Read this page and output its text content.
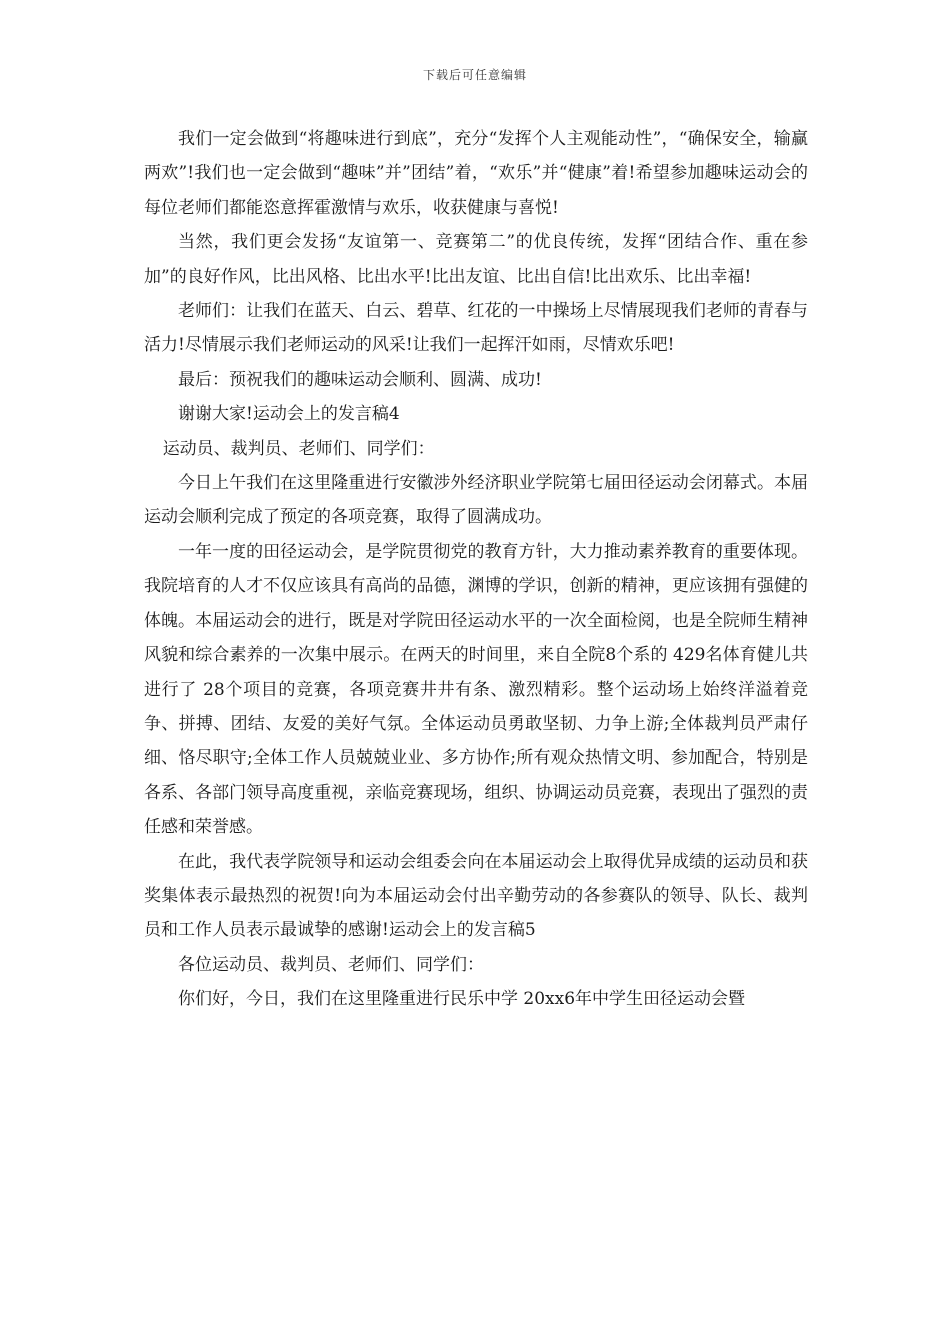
下载后可任意编辑

我们一定会做到“将趣味进行到底”，充分“发挥个人主观能动性”，“确保安全，输赢两欢”!我们也一定会做到“趣味”并”团结”着，“欢乐”并“健康”着!希望参加趣味运动会的每位老师们都能恣意挥霍激情与欢乐，收获健康与喜悦!

当然，我们更会发扬“友谊第一、竞赛第二”的优良传统，发挥“团结合作、重在参加”的良好作风，比出风格、比出水平!比出友谊、比出自信!比出欢乐、比出幸福!

老师们：让我们在蓝天、白云、碧草、红花的一中操场上尽情展现我们老师的青春与活力!尽情展示我们老师运动的风采!让我们一起挥汗如雨，尽情欢乐吧!

最后：预祝我们的趣味运动会顺利、圆满、成功!

谢谢大家!运动会上的发言稿4

运动员、裁判员、老师们、同学们：

今日上午我们在这里隆重进行安徽涉外经济职业学院第七届田径运动会闭幕式。本届运动会顺利完成了预定的各项竞赛，取得了圆满成功。

一年一度的田径运动会，是学院贯彻党的教育方针，大力推动素养教育的重要体现。我院培育的人才不仅应该具有高尚的品德，渊博的学识，创新的精神，更应该拥有强健的体魄。本届运动会的进行，既是对学院田径运动水平的一次全面检阅，也是全院师生精神风貌和综合素养的一次集中展示。在两天的时间里，来自全院8个系的 429名体育健儿共进行了 28个项目的竞赛，各项竞赛井井有条、激烈精彩。整个运动场上始终洋溢着竞争、拼搏、团结、友爱的美好气氛。全体运动员勇敢坚韧、力争上游;全体裁判员严肃仔细、恪尽职守;全体工作人员兢兢业业、多方协作;所有观众热情文明、参加配合，特别是各系、各部门领导高度重视，亲临竞赛现场，组织、协调运动员竞赛，表现出了强烈的责任感和荣誉感。

在此，我代表学院领导和运动会组委会向在本届运动会上取得优异成绩的运动员和获奖集体表示最热烈的祝贺!向为本届运动会付出辛勤劳动的各参赛队的领导、队长、裁判员和工作人员表示最诚挚的感谢!运动会上的发言稿5

各位运动员、裁判员、老师们、同学们：

你们好，今日，我们在这里隆重进行民乐中学 20xx6年中学生田径运动会暨
